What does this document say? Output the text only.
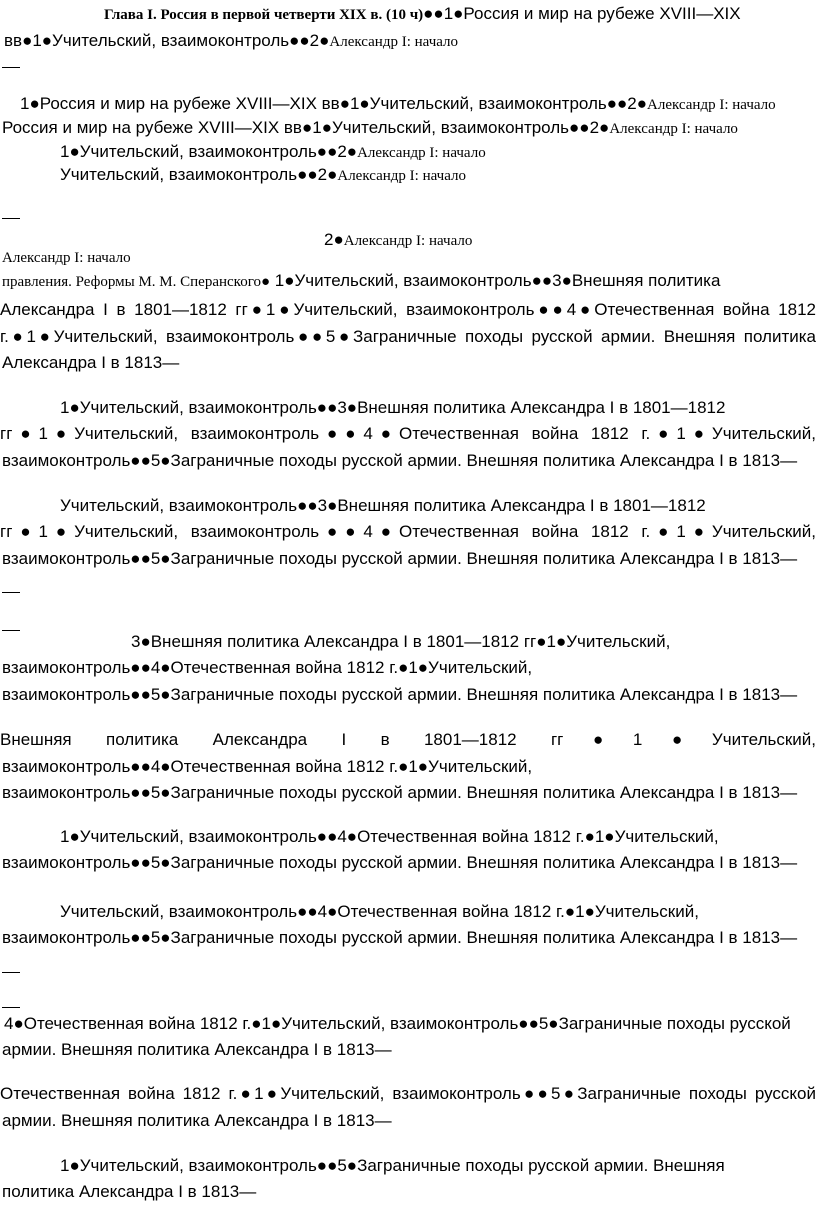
Глава I. Россия в первой четверти XIX в. (10 ч)●●1●Россия и мир на рубеже XVIII—XIX
вв●1●Учительский, взаимоконтроль●●2●Александр I: начало
1●Россия и мир на рубеже XVIII—XIX вв●1●Учительский, взаимоконтроль●●2●Александр I: начало
Россия и мир на рубеже XVIII—XIX вв●1●Учительский, взаимоконтроль●●2●Александр I: начало
1●Учительский, взаимоконтроль●●2●Александр I: начало
Учительский, взаимоконтроль●●2●Александр I: начало
2●Александр I: начало
Александр I: начало
правления. Реформы М. М. Сперанского● 1●Учительский, взаимоконтроль●●3●Внешняя политика
Александра I в 1801—1812 гг●1●Учительский, взаимоконтроль●●4●Отечественная война 1812
г.●1●Учительский, взаимоконтроль●●5●Заграничные походы русской армии. Внешняя политика
Александра I в 1813—
1●Учительский, взаимоконтроль●●3●Внешняя политика Александра I в 1801—1812
гг●1●Учительский, взаимоконтроль●●4●Отечественная война 1812 г.●1●Учительский,
взаимоконтроль●●5●Заграничные походы русской армии. Внешняя политика Александра I в 1813—
Учительский, взаимоконтроль●●3●Внешняя политика Александра I в 1801—1812
гг●1●Учительский, взаимоконтроль●●4●Отечественная война 1812 г.●1●Учительский,
взаимоконтроль●●5●Заграничные походы русской армии. Внешняя политика Александра I в 1813—
3●Внешняя политика Александра I в 1801—1812 гг●1●Учительский,
взаимоконтроль●●4●Отечественная война 1812 г.●1●Учительский,
взаимоконтроль●●5●Заграничные походы русской армии. Внешняя политика Александра I в 1813—
Внешняя политика Александра I в 1801—1812 гг●1●Учительский,
взаимоконтроль●●4●Отечественная война 1812 г.●1●Учительский,
взаимоконтроль●●5●Заграничные походы русской армии. Внешняя политика Александра I в 1813—
1●Учительский, взаимоконтроль●●4●Отечественная война 1812 г.●1●Учительский,
взаимоконтроль●●5●Заграничные походы русской армии. Внешняя политика Александра I в 1813—
Учительский, взаимоконтроль●●4●Отечественная война 1812 г.●1●Учительский,
взаимоконтроль●●5●Заграничные походы русской армии. Внешняя политика Александра I в 1813—
4●Отечественная война 1812 г.●1●Учительский, взаимоконтроль●●5●Заграничные походы русской
армии. Внешняя политика Александра I в 1813—
Отечественная война 1812 г.●1●Учительский, взаимоконтроль●●5●Заграничные походы русской
армии. Внешняя политика Александра I в 1813—
1●Учительский, взаимоконтроль●●5●Заграничные походы русской армии. Внешняя
политика Александра I в 1813—
